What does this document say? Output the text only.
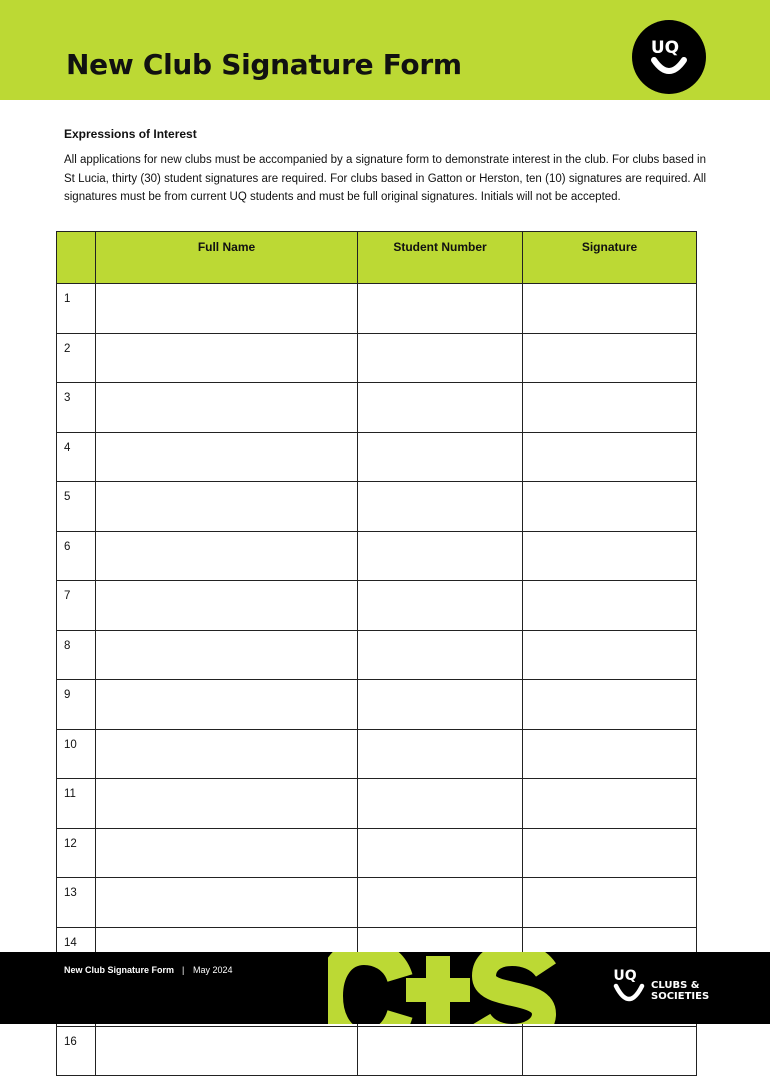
New Club Signature Form	UQ
Expressions of Interest

All applications for new clubs must be accompanied by a signature form to demonstrate interest in the club. For clubs based in St Lucia, thirty (30) student signatures are required. For clubs based in Gatton or Herston, ten (10) signatures are required. All signatures must be from current UQ students and must be full original signatures. Initials will not be accepted.

	Full Name	Student Number	Signature
1			
2			
3			
4			
5			
6			
7			
8			
9			
10			
11			
12			
13			
14			

16			
New Club Signature Form | May 2024	UQ
CLUBS &
SOCIETIES
